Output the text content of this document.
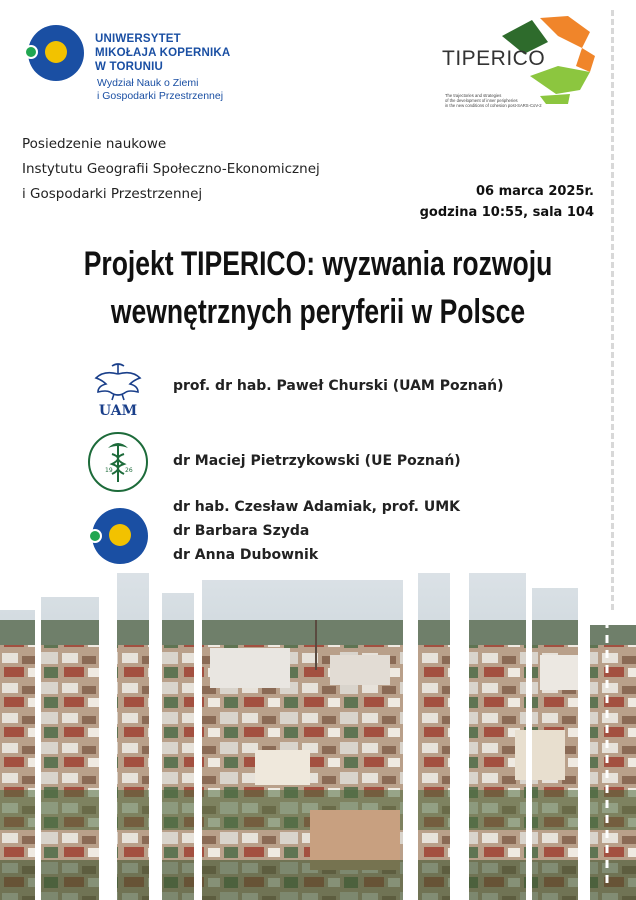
UNIWERSYTET
MIKOŁAJA KOPERNIKA
W TORUNIU
Wydział Nauk o Ziemi
i Gospodarki Przestrzennej
TIPERICO
The trajectories and strategies
of the development of inner peripheries
in the new conditions of cohesion post-SARS-CoV-2
Posiedzenie naukowe
Instytutu Geografii Społeczno-Ekonomicznej
i Gospodarki Przestrzennej	06 marca 2025r.
godzina 10:55, sala 104
Projekt TIPERICO: wyzwania rozwoju
wewnętrznych peryferii w Polsce
UAM
prof. dr hab. Paweł Churski (UAM Poznań)
19 26
dr Maciej Pietrzykowski (UE Poznań)
dr hab. Czesław Adamiak, prof. UMK
dr Barbara Szyda
dr Anna Dubownik
